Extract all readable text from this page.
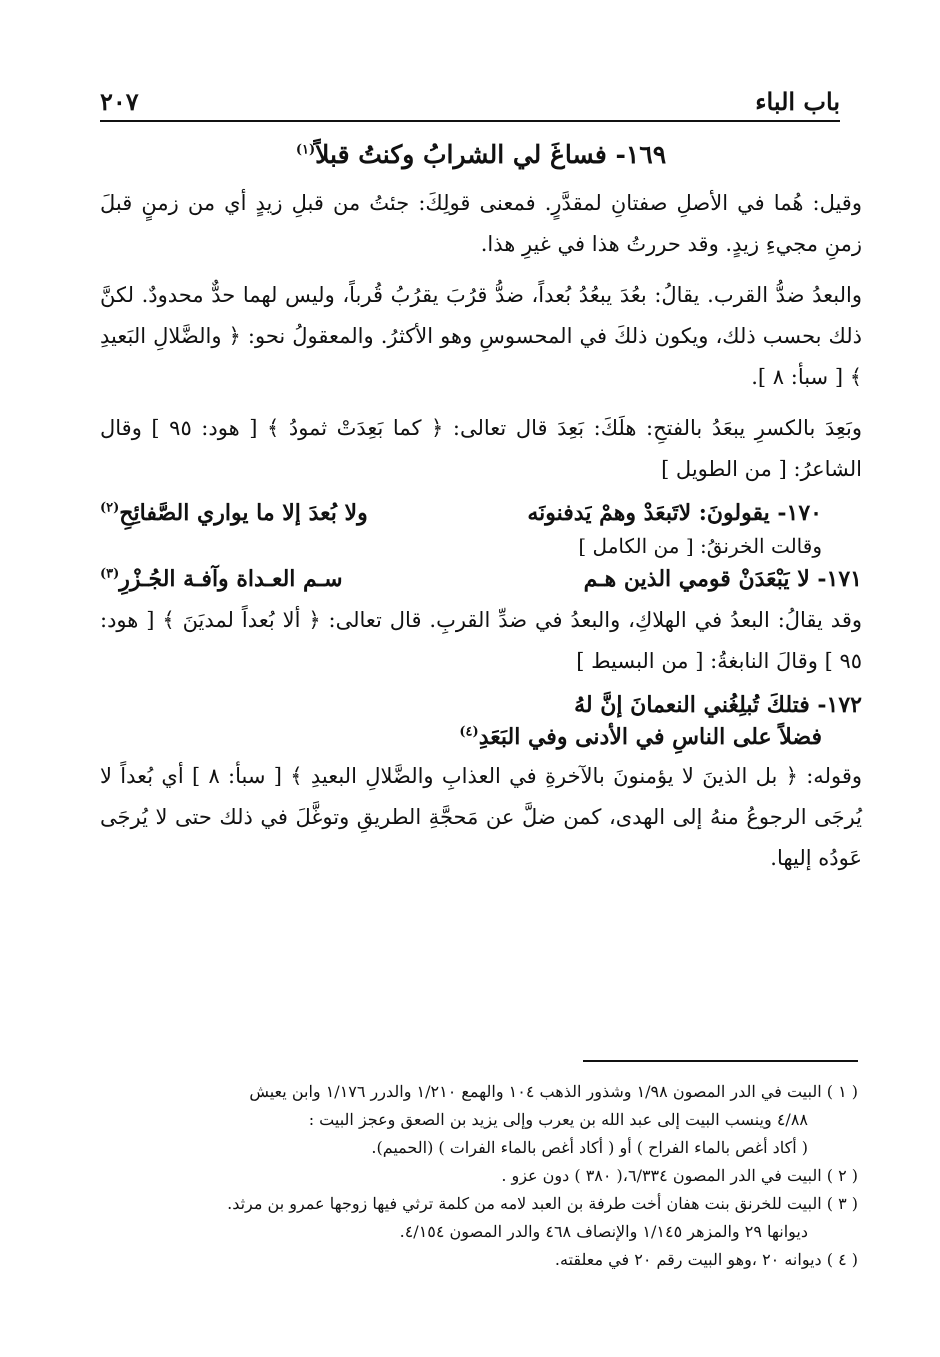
باب الباء
٢٠٧
١٦٩- فساغَ لي الشرابُ وكنتُ قبلاً$^{(١)}$

وقيل: هُما في الأصلِ صفتانِ لمقدَّرٍ. فمعنى قولِكَ: جئتُ من قبلِ زيدٍ أي من زمنٍ قبلَ زمنِ مجيءِ زيدٍ. وقد حررتُ هذا في غيرِ هذا.

والبعدُ ضدُّ القرب. يقالُ: بعُدَ يبعُدُ بُعداً، ضدُّ قرُبَ يقرُبُ قُرباً، وليس لهما حدٌّ محدودٌ. لكنَّ ذلك بحسب ذلك، ويكون ذلكَ في المحسوسِ وهو الأكثرُ. والمعقولُ نحو: ﴿ والضَّلالِ البَعيدِ ﴾ [ سبأ: ٨ ].

وبَعِدَ بالكسرِ يبعَدُ بالفتحِ: هلَكَ: بَعِدَ قال تعالى: ﴿ كما بَعِدَتْ ثمودُ ﴾ [ هود: ٩٥ ] وقال الشاعرُ: [ من الطويل ]

١٧٠- يقولونَ: لاتَبعَدْ وهمْ يَدفنونَه
ولا بُعدَ إلا ما يواري الصَّفائِحِ$^{(٢)}$
وقالت الخرنقُ: [ من الكامل ]
١٧١- لا يَبْعَدَنْ قومي الذين هـم
سـم العـداة وآفـة الجُـزْرِ$^{(٣)}$

وقد يقالُ: البعدُ في الهلاكِ، والبعدُ في ضدِّ القربِ. قال تعالى: ﴿ ألا بُعداً لمديَنَ ﴾ [ هود: ٩٥ ] وقالَ النابغةُ: [ من البسيط ]

١٧٢- فتلكَ تُبلِغُني النعمانَ إنَّ لهُ
فضلاً على الناسِ في الأدنى وفي البَعَدِ$^{(٤)}$

وقوله: ﴿ بل الذينَ لا يؤمنونَ بالآخرةِ في العذابِ والضَّلالِ البعيدِ ﴾ [ سبأ: ٨ ] أي بُعداً لا يُرجَى الرجوعُ منهُ إلى الهدى، كمن ضلَّ عن مَحجَّةِ الطريقِ وتوغَّلَ في ذلك حتى لا يُرجَى عَودُه إليها.

( ١ ) البيت في الدر المصون ١/٩٨ وشذور الذهب ١٠٤ والهمع ١/٢١٠ والدرر ١/١٧٦ وابن يعيش

٤/٨٨ وينسب البيت إلى عبد الله بن يعرب وإلى يزيد بن الصعق وعجز البيت :

( أكاد أغص بالماء الفراح ) أو ( أكاد أغص بالماء الفرات ) (الحميم).

( ٢ ) البيت في الدر المصون ٦/٣٣٤،( ٣٨٠ ) دون عزو .

( ٣ ) البيت للخرنق بنت هفان أخت طرفة بن العبد لامه من كلمة ترثي فيها زوجها عمرو بن مرثد.

ديوانها ٢٩ والمزهر ١/١٤٥ والإنصاف ٤٦٨ والدر المصون ٤/١٥٤.

( ٤ ) ديوانه ٢٠ ،وهو البيت رقم ٢٠ في معلقته.
